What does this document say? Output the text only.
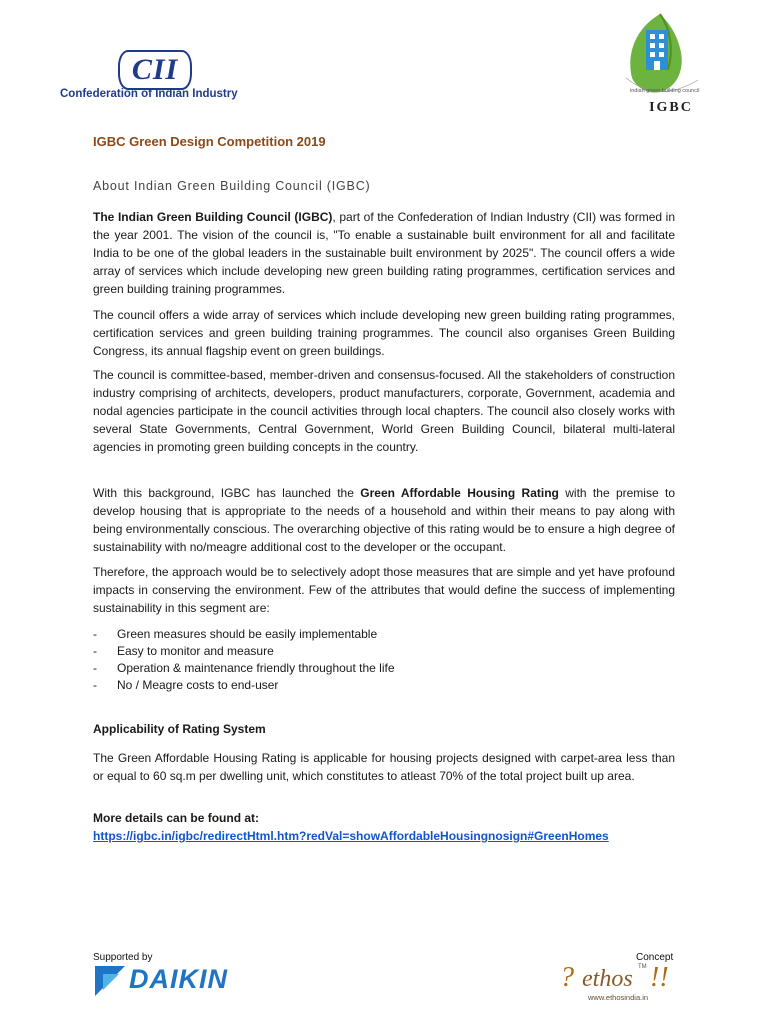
CII
Confederation of Indian Industry	indian green building council
IGBC
IGBC Green Design Competition 2019
About Indian Green Building Council (IGBC)

The Indian Green Building Council (IGBC), part of the Confederation of Indian Industry (CII) was formed in the year 2001. The vision of the council is, "To enable a sustainable built environment for all and facilitate India to be one of the global leaders in the sustainable built environment by 2025". The council offers a wide array of services which include developing new green building rating programmes, certification services and green building training programmes.

The council offers a wide array of services which include developing new green building rating programmes, certification services and green building training programmes. The council also organises Green Building Congress, its annual flagship event on green buildings.

The council is committee-based, member-driven and consensus-focused. All the stakeholders of construction industry comprising of architects, developers, product manufacturers, corporate, Government, academia and nodal agencies participate in the council activities through local chapters. The council also closely works with several State Governments, Central Government, World Green Building Council, bilateral multi-lateral agencies in promoting green building concepts in the country.

With this background, IGBC has launched the Green Affordable Housing Rating with the premise to develop housing that is appropriate to the needs of a household and within their means to pay along with being environmentally conscious. The overarching objective of this rating would be to ensure a high degree of sustainability with no/meagre additional cost to the developer or the occupant.

Therefore, the approach would be to selectively adopt those measures that are simple and yet have profound impacts in conserving the environment. Few of the attributes that would define the success of implementing sustainability in this segment are:

-	Green measures should be easily implementable
-	Easy to monitor and measure
-	Operation & maintenance friendly throughout the life
-	No / Meagre costs to end-user
Applicability of Rating System

The Green Affordable Housing Rating is applicable for housing projects designed with carpet-area less than or equal to 60 sq.m per dwelling unit, which constitutes to atleast 70% of the total project built up area.

More details can be found at:
https://igbc.in/igbc/redirectHtml.htm?redVal=showAffordableHousingnosign#GreenHomes
Supported by
DAIKIN
Concept
? ethos TM !!
www.ethosindia.in
